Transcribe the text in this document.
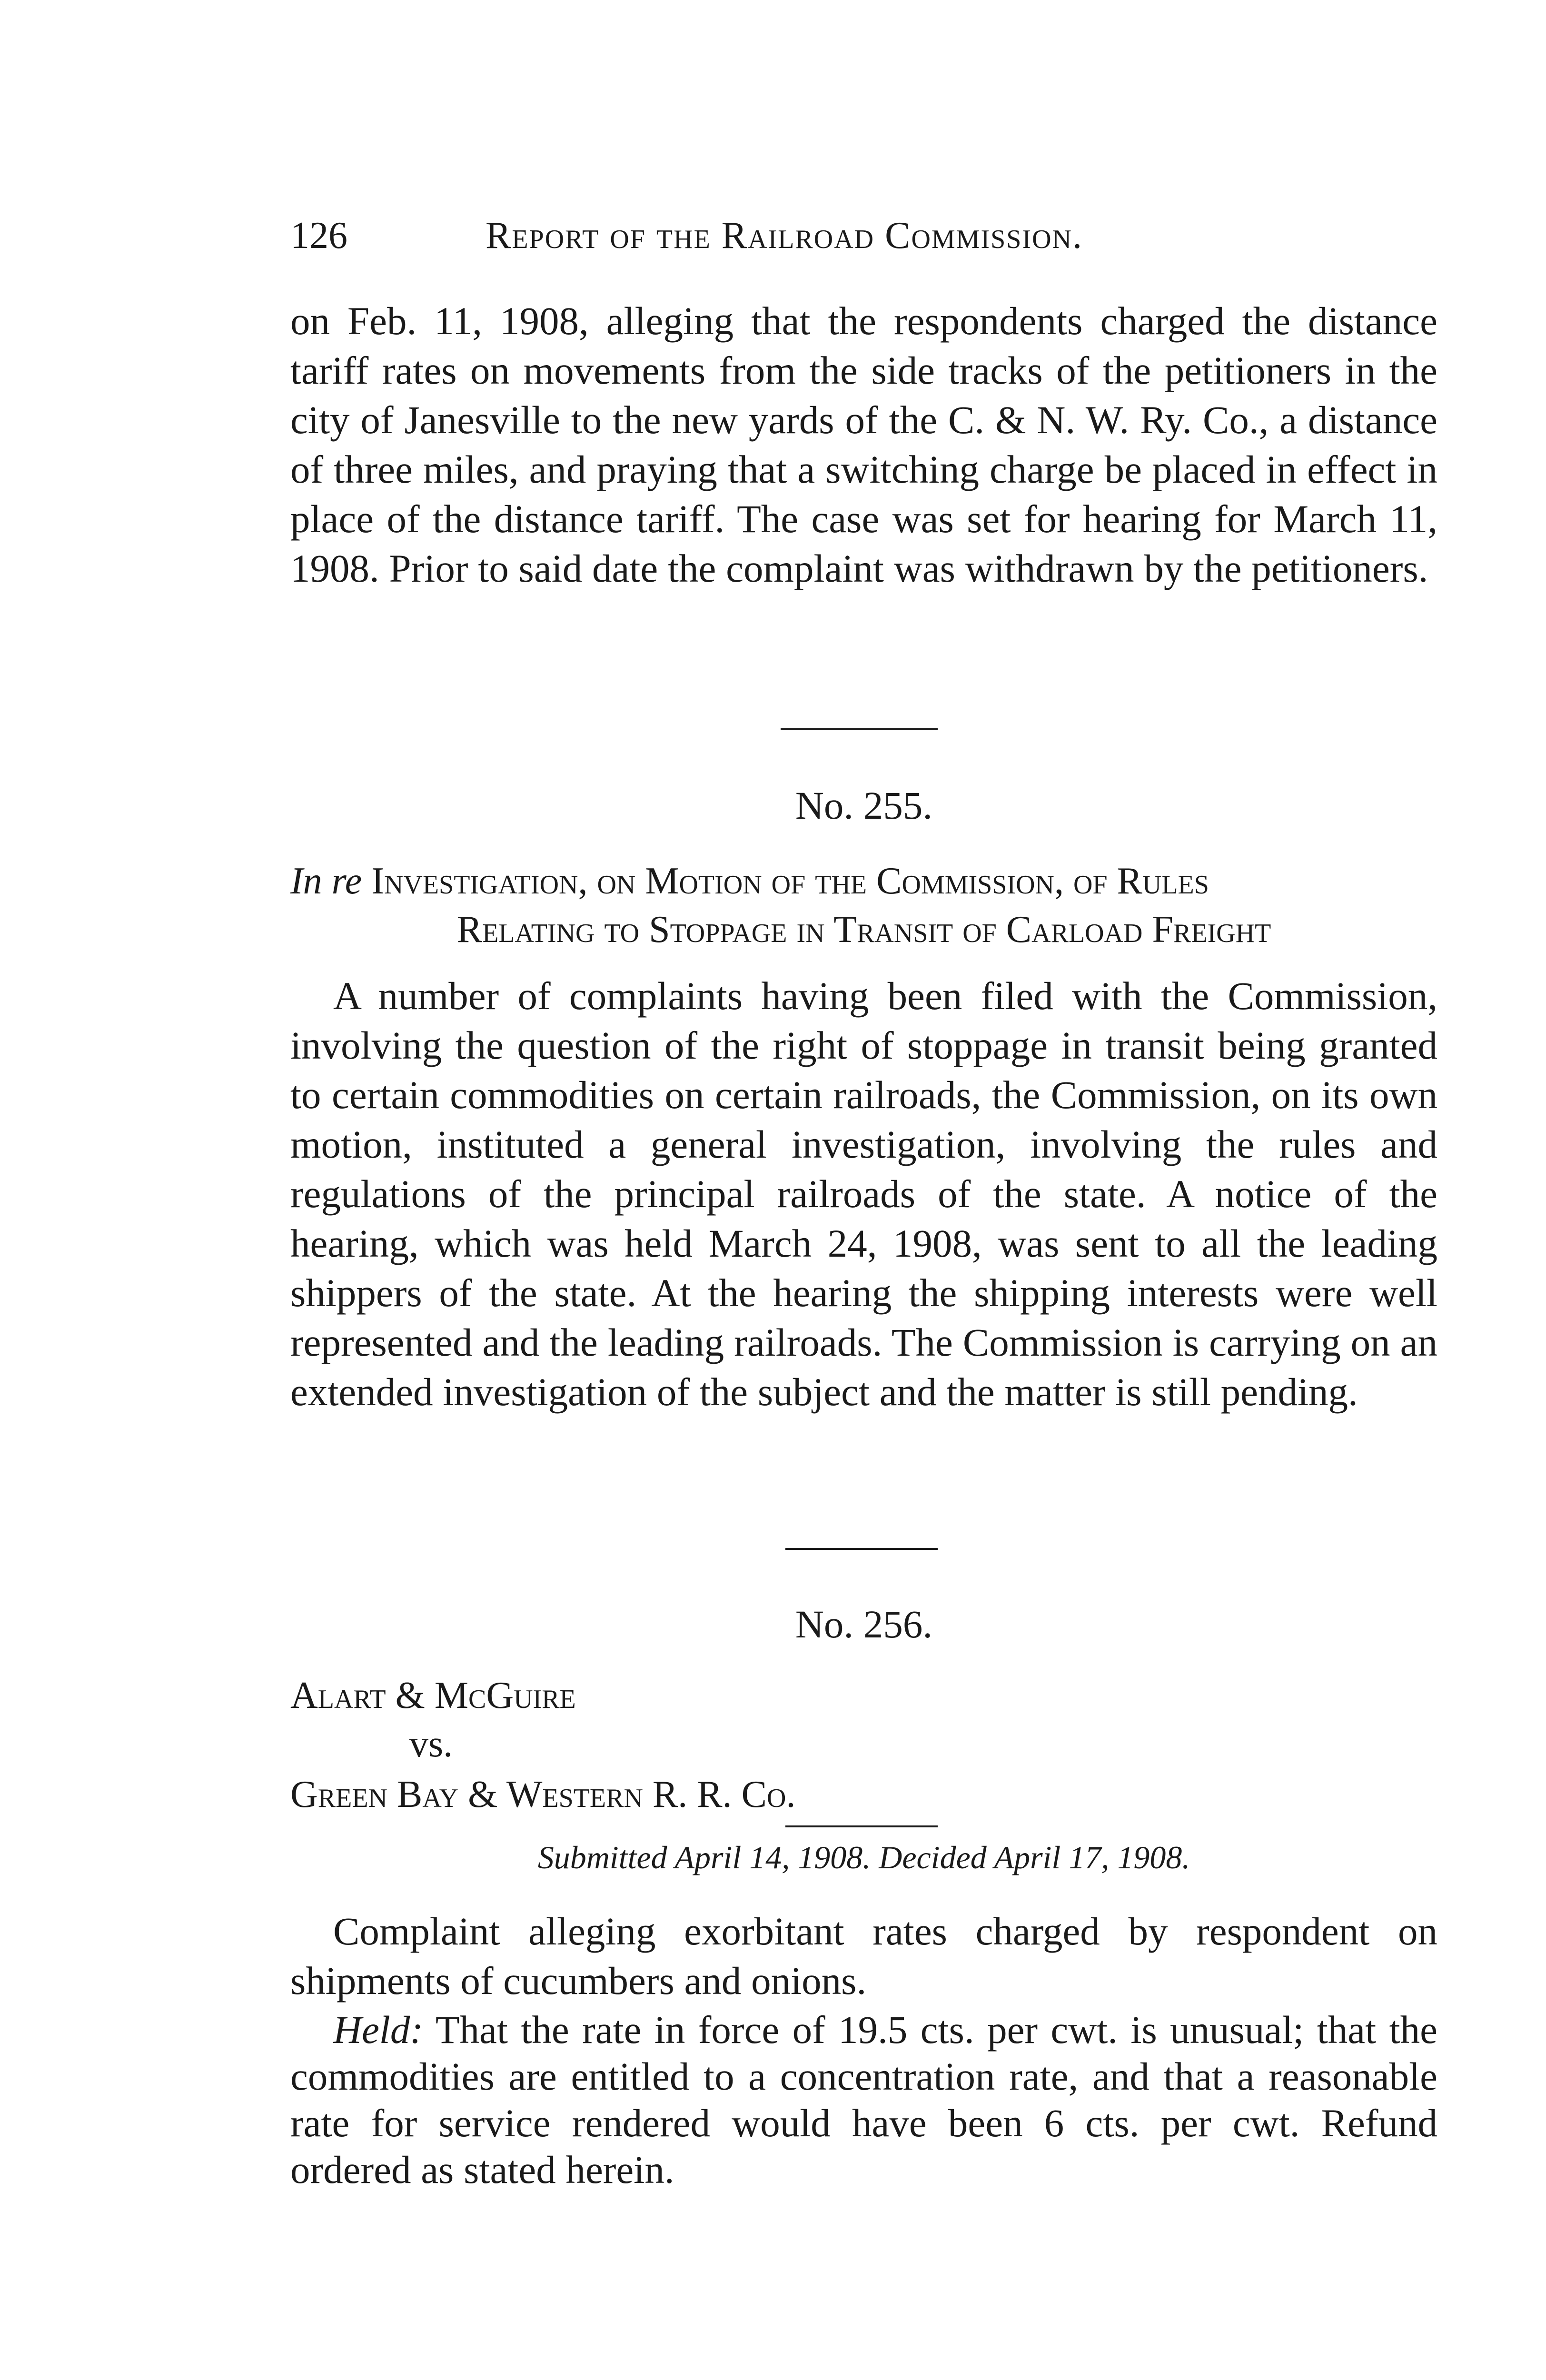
126	Report of the Railroad Commission.

on Feb. 11, 1908, alleging that the respondents charged the distance tariff rates on movements from the side tracks of the petitioners in the city of Janesville to the new yards of the C. & N. W. Ry. Co., a distance of three miles, and praying that a switching charge be placed in effect in place of the distance tariff. The case was set for hearing for March 11, 1908. Prior to said date the complaint was withdrawn by the petitioners.

No. 255.

In re Investigation, on Motion of the Commission, of Rules
Relating to Stoppage in Transit of Carload Freight

A number of complaints having been filed with the Commission, involving the question of the right of stoppage in transit being granted to certain commodities on certain railroads, the Commission, on its own motion, instituted a general investigation, involving the rules and regulations of the principal railroads of the state. A notice of the hearing, which was held March 24, 1908, was sent to all the leading shippers of the state. At the hearing the shipping interests were well represented and the leading railroads. The Commission is carrying on an extended investigation of the subject and the matter is still pending.

No. 256.

Alart & McGuire

vs.

Green Bay & Western R. R. Co.

Submitted April 14, 1908. Decided April 17, 1908.

Complaint alleging exorbitant rates charged by respondent on shipments of cucumbers and onions.

Held: That the rate in force of 19.5 cts. per cwt. is unusual; that the commodities are entitled to a concentration rate, and that a reasonable rate for service rendered would have been 6 cts. per cwt. Refund ordered as stated herein.
